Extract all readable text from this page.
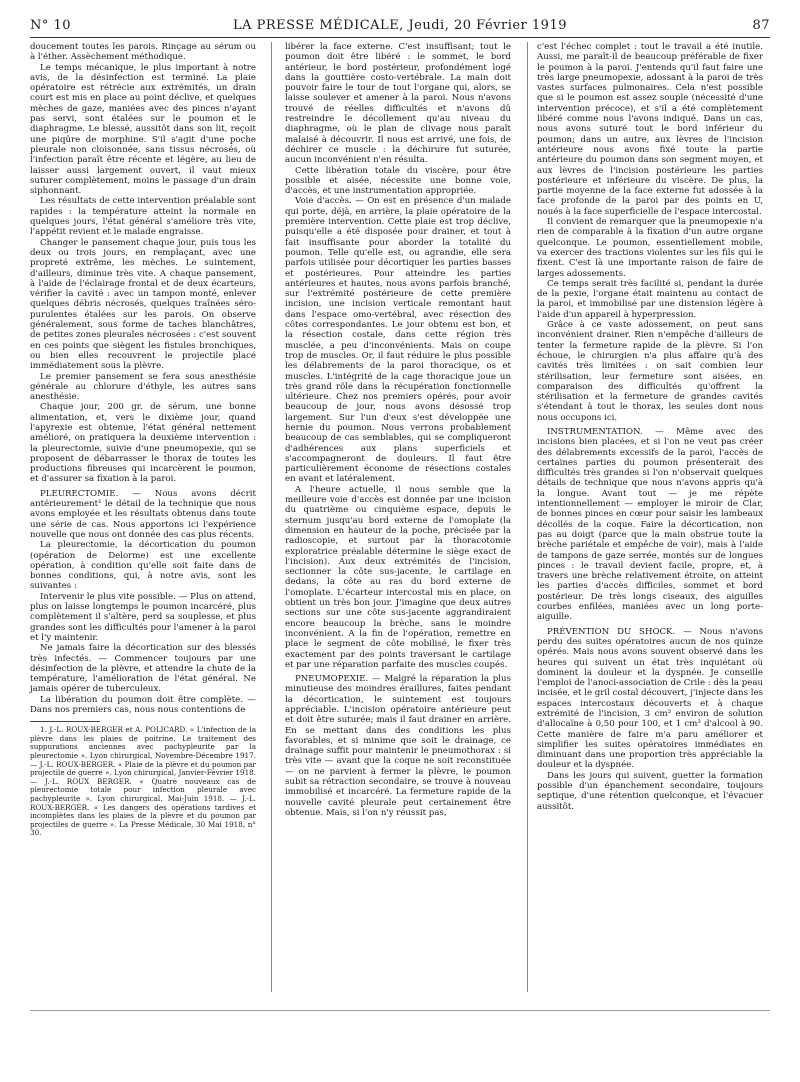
N° 10	LA PRESSE MÉDICALE, Jeudi, 20 Février 1919	87

doucement toutes les parois. Rinçage au sérum ou à l'éther. Assèchement méthodique.

Le temps mécanique, le plus important à notre avis, de la désinfection est terminé. La plaie opératoire est rétrécie aux extrémités, un drain court est mis en place au point déclive, et quelques mèches de gaze, maniées avec des pinces n'ayant pas servi, sont étalées sur le poumon et le diaphragme. Le blessé, aussitôt dans son lit, reçoit une piqûre de morphine. S'il s'agit d'une poche pleurale non cloisonnée, sans tissus nécrosés, où l'infection paraît être récente et légère, au lieu de laisser aussi largement ouvert, il vaut mieux suturer complètement, moins le passage d'un drain siphonnant.

Les résultats de cette intervention préalable sont rapides : la température atteint la normale en quelques jours, l'état général s'améliore très vite, l'appétit revient et le malade engraisse.

Changer le pansement chaque jour, puis tous les deux ou trois jours, en remplaçant, avec une propreté extrême, les mèches. Le suintement, d'ailleurs, diminue très vite. A chaque pansement, à l'aide de l'éclairage frontal et de deux écarteurs, vérifier la cavité : avec un tampon monté, enlever quelques débris nécrosés, quelques traînées séro-purulentes étalées sur les parois. On observe généralement, sous forme de taches blanchâtres, de petites zones pleurales nécrosées : c'est souvent en ces points que siègent les fistules bronchiques, ou bien elles recouvrent le projectile placé immédiatement sous la plèvre.

Le premier pansement se fera sous anesthésie générale au chlorure d'éthyle, les autres sans anesthésie.

Chaque jour, 200 gr. de sérum, une bonne alimentation, et, vers le dixième jour, quand l'apyrexie est obtenue, l'état général nettement amélioré, on pratiquera la deuxième intervention : la pleurectomie, suivie d'une pneumopexie, qui se proposent de débarrasser le thorax de toutes les productions fibreuses qui incarcèrent le poumon, et d'assurer sa fixation à la paroi.

PLEURECTOMIE. — Nous avons décrit antérieurement¹ le détail de la technique que nous avons employée et les résultats obtenus dans toute une série de cas. Nous apportons ici l'expérience nouvelle que nous ont donnée des cas plus récents.

La pleurectomie, la décortication du poumon (opération de Delorme) est une excellente opération, à condition qu'elle soit faite dans de bonnes conditions, qui, à notre avis, sont les suivantes :

Intervenir le plus vite possible. — Plus on attend, plus on laisse longtemps le poumon incarcéré, plus complètement il s'altère, perd sa souplesse, et plus grandes sont les difficultés pour l'amener à la paroi et l'y maintenir.

Ne jamais faire la décortication sur des blessés très infectés. — Commencer toujours par une désinfection de la plèvre, et attendre la chute de la température, l'amélioration de l'état général. Ne jamais opérer de tuberculeux.

La libération du poumon doit être complète. — Dans nos premiers cas, nous nous contentions de

1. J.-L. ROUX-BERGER et A. POLICARD. « L'infection de la plèvre dans les plaies de poitrine. Le traitement des suppurations anciennes avec pachypleurite par la pleurectomie ». Lyon chirurgical, Novembre-Décembre 1917. — J.-L. ROUX-BERGER. « Plaie de la plèvre et du poumon par projectile de guerre ». Lyon chirurgical, Janvier-Février 1918. — J.-L. ROUX BERGER. « Quatre nouveaux cas de pleurectomie totale pour infection pleurale avec pachypleurite ». Lyon chirurgical, Mai-Juin 1918. — J.-L. ROUX-BERGER. « Les dangers des opérations tardives et incomplètes dans les plaies de la plèvre et du poumon par projectiles de guerre ». La Presse Médicale, 30 Mai 1918, n° 30.

libérer la face externe. C'est insuffisant; tout le poumon doit être libéré : le sommet, le bord antérieur, le bord postérieur, profondément logé dans la gouttière costo-vertébrale. La main doit pouvoir faire le tour de tout l'organe qui, alors, se laisse soulever et amener à la paroi. Nous n'avons trouvé de réelles difficultés et n'avons dû restreindre le décollement qu'au niveau du diaphragme, où le plan de clivage nous paraît malaisé à découvrir. Il nous est arrivé, une fois, de déchirer ce muscle : la déchirure fut suturée, aucun inconvénient n'en résulta.

Cette libération totale du viscère, pour être possible et aisée, nécessite une bonne voie, d'accès, et une instrumentation appropriée.

Voie d'accès. — On est en présence d'un malade qui porte, déjà, en arrière, la plaie opératoire de la première intervention. Cette plaie est trop déclive, puisqu'elle a été disposée pour drainer, et tout à fait insuffisante pour aborder la totalité du poumon. Telle qu'elle est, ou agrandie, elle sera parfois utilisée pour décortiquer les parties basses et postérieures. Pour atteindre les parties antérieures et hautes, nous avons parfois branché, sur l'extrémité postérieure de cette première incision, une incision verticale remontant haut dans l'espace omo-vertébral, avec résection des côtes correspondantes. Le jour obtenu est bon, et la résection costale, dans cette région très musclée, a peu d'inconvénients. Mais on coupe trop de muscles. Or, il faut réduire le plus possible les délabrements de la paroi thoracique, os et muscles. L'intégrité de la cage thoracique joue un très grand rôle dans la récupération fonctionnelle ultérieure. Chez nos premiers opérés, pour avoir beaucoup de jour, nous avons désossé trop largement. Sur l'un d'eux s'est développée une hernie du poumon. Nous verrons probablement beaucoup de cas semblables, qui se compliqueront d'adhérences aux plans superficiels et s'accompagneront de douleurs. Il faut être particulièrement économe de résections costales en avant et latéralement.

A l'heure actuelle, il nous semble que la meilleure voie d'accès est donnée par une incision du quatrième ou cinquième espace, depuis le sternum jusqu'au bord externe de l'omoplate (la dimension en hauteur de la poche, précisée par la radioscopie, et surtout par la thoracotomie exploratrice préalable détermine le siège exact de l'incision). Aux deux extrémités de l'incision, sectionner la côte sus-jacente, le cartilage en dedans, la côte au ras du bord externe de l'omoplate. L'écarteur intercostal mis en place, on obtient un très bon jour. J'imagine que deux autres sections sur une côte sus-jacente aggrandiraient encore beaucoup la brèche, sans le moindre inconvénient. A la fin de l'opération, remettre en place le segment de côte mobilisé, le fixer très exactement par des points traversant le cartilage et par une réparation parfaite des muscles coupés.

PNEUMOPEXIE. — Malgré la réparation la plus minutieuse des moindres éraillures, faites pendant la décortication, le suintement est toujours appréciable. L'incision opératoire antérieure peut et doit être suturée; mais il faut drainer en arrière. En se mettant dans des conditions les plus favorables, et si minime que soit le drainage, ce drainage suffit pour maintenir le pneumothorax : si très vite — avant que la coque ne soit reconstituée — on ne parvient à fermer la plèvre, le poumon subit sa rétraction secondaire, se trouve à nouveau immobilisé et incarcéré. La fermeture rapide de la nouvelle cavité pleurale peut certainement être obtenue. Mais, si l'on n'y réussit pas,

c'est l'échec complet : tout le travail a été inutile. Aussi, me paraît-il de beaucoup préférable de fixer le poumon à la paroi. J'entends qu'il faut faire une très large pneumopexie, adossant à la paroi de très vastes surfaces pulmonaires. Cela n'est possible que si le poumon est assez souple (nécessité d'une intervention précoce), et s'il a été complètement libéré comme nous l'avons indiqué. Dans un cas, nous avons suturé tout le bord inférieur du poumon; dans un autre, aux lèvres de l'incision antérieure nous avons fixé toute la partie antérieure du poumon dans son segment moyen, et aux lèvres de l'incision postérieure les parties postérieure et inférieure du viscère. De plus, la partie moyenne de la face externe fut adossée à la face profonde de la paroi par des points en U, noués à la face superficielle de l'espace intercostal.

Il convient de remarquer que la pneumopexie n'a rien de comparable à la fixation d'un autre organe quelconque. Le poumon, essentiellement mobile, va exercer des tractions violentes sur les fils qui le fixent. C'est là une importante raison de faire de larges adossements.

Ce temps serait très facilité si, pendant la durée de la pexie, l'organe était maintenu au contact de la paroi, et immobilisé par une distension légère à l'aide d'un appareil à hyperpression.

Grâce à ce vaste adossement, on peut sans inconvénient drainer. Rien n'empêche d'ailleurs de tenter la fermeture rapide de la plèvre. Si l'on échoue, le chirurgien n'a plus affaire qu'à des cavités très limitées : on sait combien leur stérilisation, leur fermeture sont aisées, en comparaison des difficultés qu'offrent la stérilisation et la fermeture de grandes cavités s'étendant à tout le thorax, les seules dont nous nous occupons ici.

INSTRUMENTATION. — Même avec des incisions bien placées, et si l'on ne veut pas créer des délabrements excessifs de la paroi, l'accès de certaines parties du poumon présenterait des difficultés très grandes si l'on n'observait quelques détails de technique que nous n'avons appris qu'à la longue. Avant tout — je me répète intentionnellement — employer le miroir de Clar, de bonnes pinces en cœur pour saisir les lambeaux décollés de la coque. Faire la décortication, non pas au doigt (parce que la main obstrue toute la brèche pariétale et empêche de voir), mais à l'aide de tampons de gaze serrée, montés sur de longues pinces : le travail devient facile, propre, et, à travers une brèche relativement étroite, on atteint les parties d'accès difficiles, sommet et bord postérieur. De très longs ciseaux, des aiguilles courbes enfilées, maniées avec un long porte-aiguille.

PRÉVENTION DU SHOCK. — Nous n'avons perdu des suites opératoires aucun de nos quinze opérés. Mais nous avons souvent observé dans les heures qui suivent un état très inquiétant où dominent la douleur et la dyspnée. Je conseille l'emploi de l'anoci-association de Crile : dès la peau incisée, et le gril costal découvert, j'injecte dans les espaces intercostaux découverts et à chaque extrémité de l'incision, 3 cm³ environ de solution d'allocaïne à 0,50 pour 100, et 1 cm³ d'alcool à 90. Cette manière de faire m'a paru améliorer et simplifier les suites opératoires immédiates en diminuant dans une proportion très appréciable la douleur et la dyspnée.

Dans les jours qui suivent, guetter la formation possible d'un épanchement secondaire, toujours septique, d'une rétention quelconque, et l'évacuer aussitôt.
